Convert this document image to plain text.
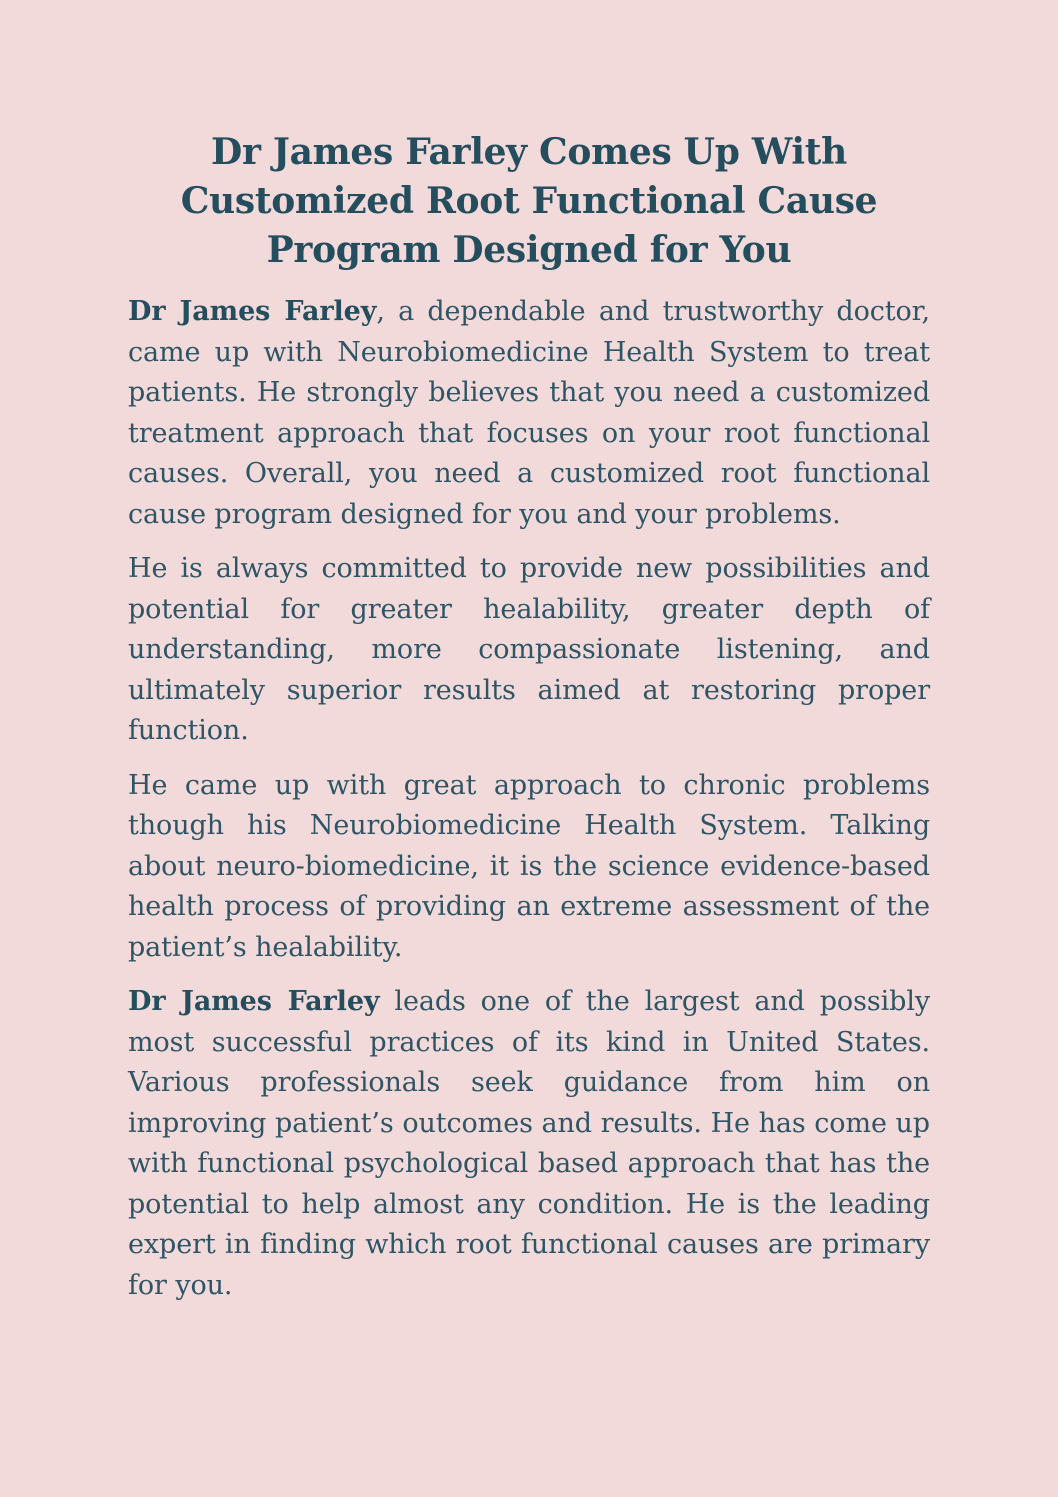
Dr James Farley Comes Up With Customized Root Functional Cause Program Designed for You

Dr James Farley, a dependable and trustworthy doctor, came up with Neurobiomedicine Health System to treat patients. He strongly believes that you need a customized treatment approach that focuses on your root functional causes. Overall, you need a customized root functional cause program designed for you and your problems.

He is always committed to provide new possibilities and potential for greater healability, greater depth of understanding, more compassionate listening, and ultimately superior results aimed at restoring proper function.

He came up with great approach to chronic problems though his Neurobiomedicine Health System. Talking about neuro-biomedicine, it is the science evidence-based health process of providing an extreme assessment of the patient’s healability.

Dr James Farley leads one of the largest and possibly most successful practices of its kind in United States. Various professionals seek guidance from him on improving patient’s outcomes and results. He has come up with functional psychological based approach that has the potential to help almost any condition. He is the leading expert in finding which root functional causes are primary for you.
